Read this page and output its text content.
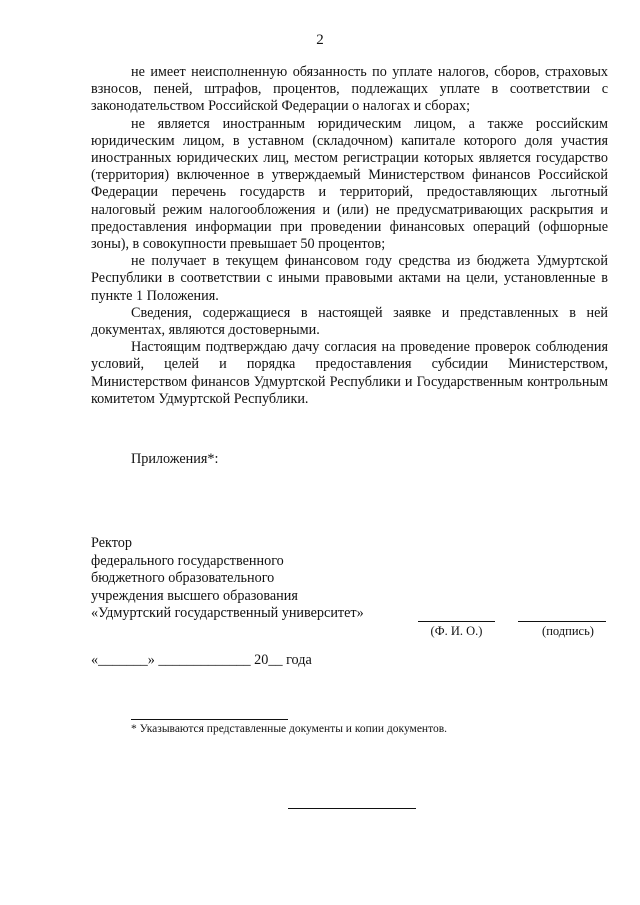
2

не имеет неисполненную обязанность по уплате налогов, сборов, страховых взносов, пеней, штрафов, процентов, подлежащих уплате в соответствии с законодательством Российской Федерации о налогах и сборах;

не является иностранным юридическим лицом, а также российским юридическим лицом, в уставном (складочном) капитале которого доля участия иностранных юридических лиц, местом регистрации которых является государство (территория) включенное в утверждаемый Министерством финансов Российской Федерации перечень государств и территорий, предоставляющих льготный налоговый режим налогообложения и (или) не предусматривающих раскрытия и предоставления информации при проведении финансовых операций (офшорные зоны), в совокупности превышает 50 процентов;

не получает в текущем финансовом году средства из бюджета Удмуртской Республики в соответствии с иными правовыми актами на цели, установленные в пункте 1 Положения.

Сведения, содержащиеся в настоящей заявке и представленных в ней документах, являются достоверными.

Настоящим подтверждаю дачу согласия на проведение проверок соблюдения условий, целей и порядка предоставления субсидии Министерством, Министерством финансов Удмуртской Республики и Государственным контрольным комитетом Удмуртской Республики.

Приложения*:
Ректор
федерального государственного
бюджетного образовательного
учреждения высшего образования
«Удмуртский государственный университет»
(Ф. И. О.)	(подпись)
«_______» _____________ 20__ года
* Указываются представленные документы и копии документов.
